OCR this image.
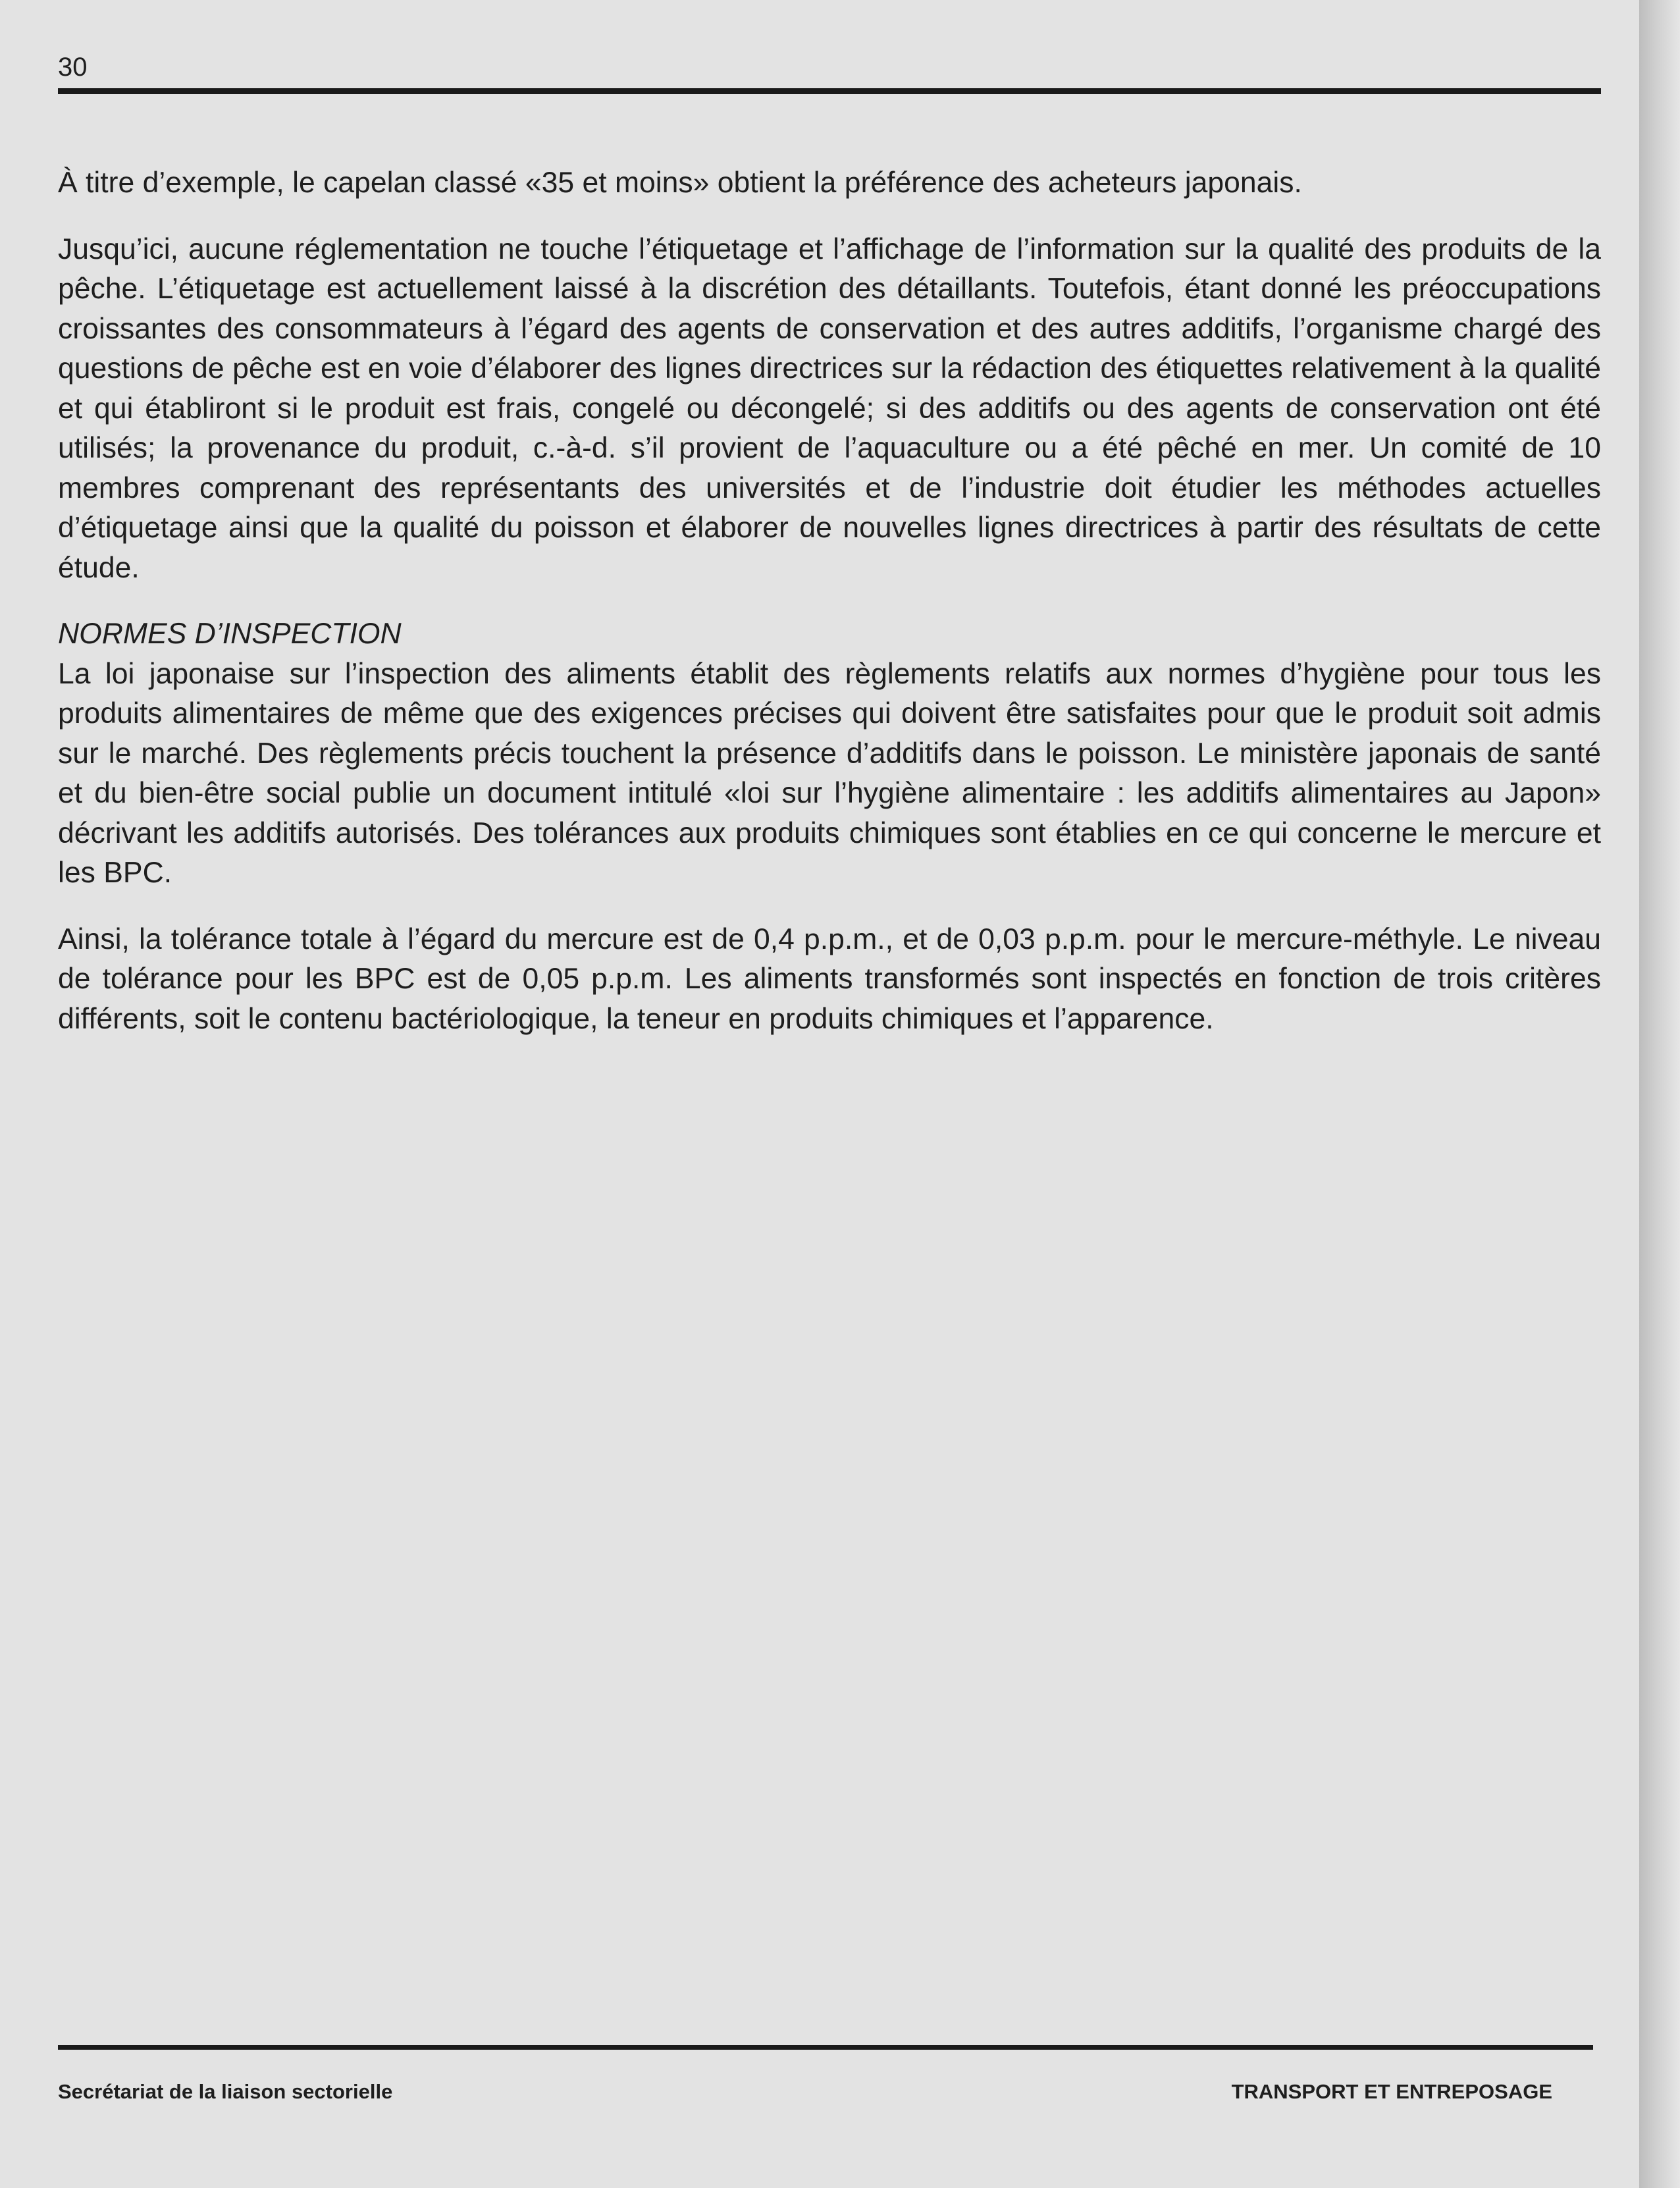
30

À titre d’exemple, le capelan classé «35 et moins» obtient la préférence des acheteurs japonais.

Jusqu’ici, aucune réglementation ne touche l’étiquetage et l’affichage de l’information sur la qualité des produits de la pêche. L’étiquetage est actuellement laissé à la discrétion des détaillants. Toutefois, étant donné les préoccupations croissantes des consommateurs à l’égard des agents de conservation et des autres additifs, l’organisme chargé des questions de pêche est en voie d’élaborer des lignes directrices sur la rédaction des étiquettes relativement à la qualité et qui établiront si le produit est frais, congelé ou décongelé; si des additifs ou des agents de conservation ont été utilisés; la provenance du produit, c.-à-d. s’il provient de l’aquaculture ou a été pêché en mer. Un comité de 10 membres comprenant des représentants des universités et de l’industrie doit étudier les méthodes actuelles d’étiquetage ainsi que la qualité du poisson et élaborer de nouvelles lignes directrices à partir des résultats de cette étude.

NORMES D’INSPECTION

La loi japonaise sur l’inspection des aliments établit des règlements relatifs aux normes d’hygiène pour tous les produits alimentaires de même que des exigences précises qui doivent être satisfaites pour que le produit soit admis sur le marché. Des règlements précis touchent la présence d’additifs dans le poisson. Le ministère japonais de santé et du bien-être social publie un document intitulé «loi sur l’hygiène alimentaire : les additifs alimentaires au Japon» décrivant les additifs autorisés. Des tolérances aux produits chimiques sont établies en ce qui concerne le mercure et les BPC.

Ainsi, la tolérance totale à l’égard du mercure est de 0,4 p.p.m., et de 0,03 p.p.m. pour le mercure-méthyle. Le niveau de tolérance pour les BPC est de 0,05 p.p.m. Les aliments transformés sont inspectés en fonction de trois critères différents, soit le contenu bactériologique, la teneur en produits chimiques et l’apparence.

Secrétariat de la liaison sectorielle	TRANSPORT ET ENTREPOSAGE
